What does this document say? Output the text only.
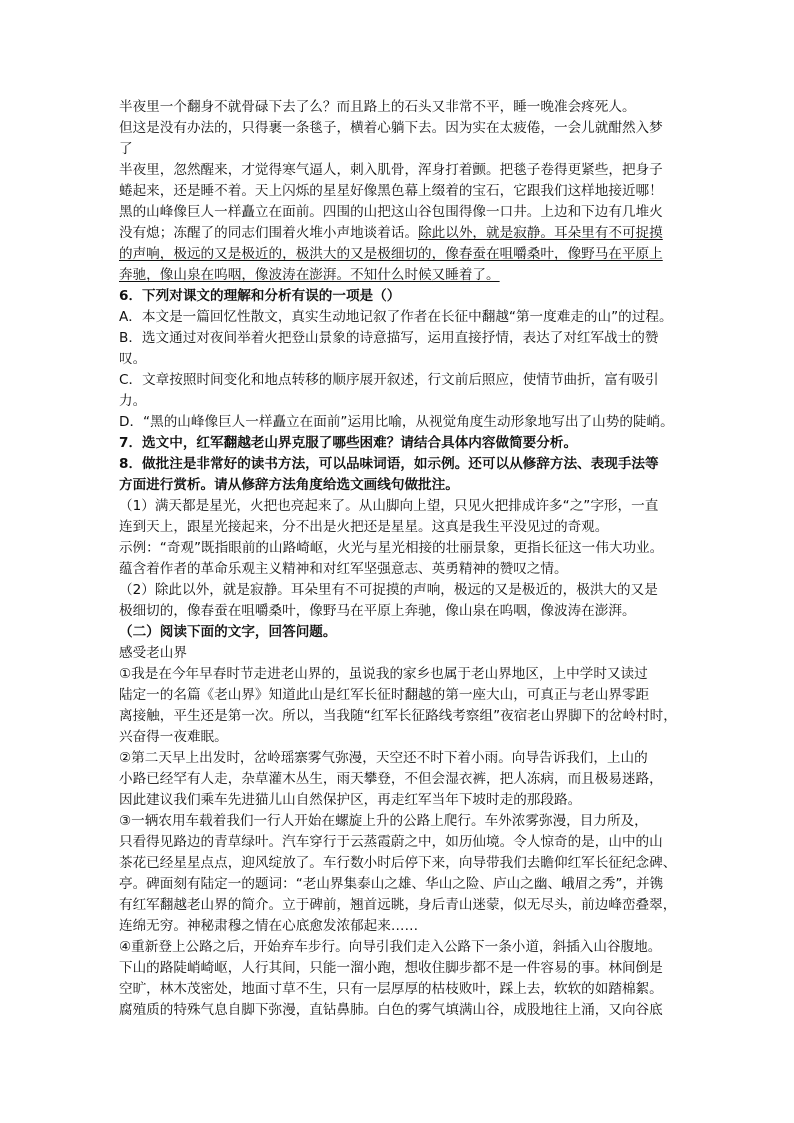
半夜里一个翻身不就骨碌下去了么？而且路上的石头又非常不平，睡一晚准会疼死人。
但这是没有办法的，只得裹一条毯子，横着心躺下去。因为实在太疲倦，一会儿就酣然入梦
了
半夜里，忽然醒来，才觉得寒气逼人，刺入肌骨，浑身打着颤。把毯子卷得更紧些，把身子
蜷起来，还是睡不着。天上闪烁的星星好像黑色幕上缀着的宝石，它跟我们这样地接近哪！
黑的山峰像巨人一样矗立在面前。四围的山把这山谷包围得像一口井。上边和下边有几堆火
没有熄；冻醒了的同志们围着火堆小声地谈着话。除此以外，就是寂静。耳朵里有不可捉摸
的声响，极远的又是极近的，极洪大的又是极细切的，像春蚕在咀嚼桑叶，像野马在平原上
奔驰，像山泉在呜咽，像波涛在澎湃。不知什么时候又睡着了。
6．下列对课文的理解和分析有误的一项是（）
A．本文是一篇回忆性散文，真实生动地记叙了作者在长征中翻越“第一度难走的山”的过程。
B．选文通过对夜间举着火把登山景象的诗意描写，运用直接抒情，表达了对红军战士的赞
叹。
C．文章按照时间变化和地点转移的顺序展开叙述，行文前后照应，使情节曲折，富有吸引
力。
D．“黑的山峰像巨人一样矗立在面前”运用比喻，从视觉角度生动形象地写出了山势的陡峭。
7．选文中，红军翻越老山界克服了哪些困难？请结合具体内容做简要分析。
8．做批注是非常好的读书方法，可以品味词语，如示例。还可以从修辞方法、表现手法等
方面进行赏析。请从修辞方法角度给选文画线句做批注。
（1）满天都是星光，火把也亮起来了。从山脚向上望，只见火把排成许多“之”字形，一直
连到天上，跟星光接起来，分不出是火把还是星星。这真是我生平没见过的奇观。
示例：“奇观”既指眼前的山路崎岖，火光与星光相接的壮丽景象，更指长征这一伟大功业。
蕴含着作者的革命乐观主义精神和对红军坚强意志、英勇精神的赞叹之情。
（2）除此以外，就是寂静。耳朵里有不可捉摸的声响，极远的又是极近的，极洪大的又是
极细切的，像春蚕在咀嚼桑叶，像野马在平原上奔驰，像山泉在呜咽，像波涛在澎湃。
（二）阅读下面的文字，回答问题。
感受老山界
①我是在今年早春时节走进老山界的，虽说我的家乡也属于老山界地区，上中学时又读过
陆定一的名篇《老山界》知道此山是红军长征时翻越的第一座大山，可真正与老山界零距
离接触，平生还是第一次。所以，当我随“红军长征路线考察组”夜宿老山界脚下的岔岭村时，
兴奋得一夜难眠。
②第二天早上出发时，岔岭瑶寨雾气弥漫，天空还不时下着小雨。向导告诉我们，上山的
小路已经罕有人走，杂草灌木丛生，雨天攀登，不但会湿衣裤，把人冻病，而且极易迷路，
因此建议我们乘车先进猫儿山自然保护区，再走红军当年下坡时走的那段路。
③一辆农用车载着我们一行人开始在螺旋上升的公路上爬行。车外浓雾弥漫，目力所及，
只看得见路边的青草绿叶。汽车穿行于云蒸霞蔚之中，如历仙境。令人惊奇的是，山中的山
茶花已经星星点点，迎风绽放了。车行数小时后停下来，向导带我们去瞻仰红军长征纪念碑、
亭。碑面刻有陆定一的题词：“老山界集泰山之雄、华山之险、庐山之幽、峨眉之秀”，并镌
有红军翻越老山界的简介。立于碑前，翘首远眺，身后青山迷蒙，似无尽头，前边峰峦叠翠，
连绵无穷。神秘肃穆之情在心底愈发浓郁起来……
④重新登上公路之后，开始弃车步行。向导引我们走入公路下一条小道，斜插入山谷腹地。
下山的路陡峭崎岖，人行其间，只能一溜小跑，想收住脚步都不是一件容易的事。林间倒是
空旷，林木茂密处，地面寸草不生，只有一层厚厚的枯枝败叶，踩上去，软软的如踏棉絮。
腐殖质的特殊气息自脚下弥漫，直钻鼻肺。白色的雾气填满山谷，成股地往上涌，又向谷底
